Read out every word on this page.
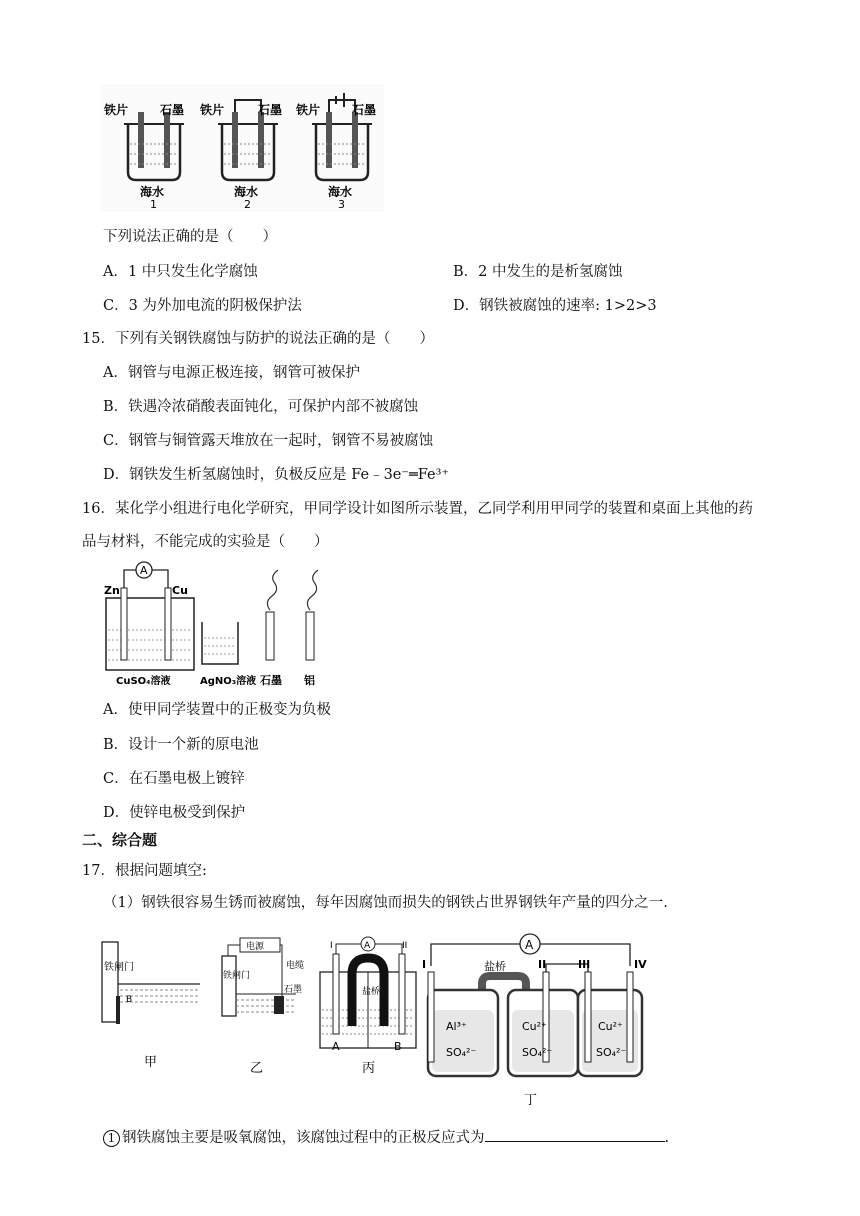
铁片	石墨
海水
1
铁片	石墨
海水
2
铁片	石墨
海水
3
下列说法正确的是（　　）
A．1 中只发生化学腐蚀	B．2 中发生的是析氢腐蚀
C．3 为外加电流的阴极保护法	D．钢铁被腐蚀的速率: 1>2>3
15．下列有关钢铁腐蚀与防护的说法正确的是（　　）
A．钢管与电源正极连接，钢管可被保护
B．铁遇冷浓硝酸表面钝化，可保护内部不被腐蚀
C．钢管与铜管露天堆放在一起时，钢管不易被腐蚀
D．钢铁发生析氢腐蚀时，负极反应是 Fe﹣3e⁻═Fe³⁺
16．某化学小组进行电化学研究，甲同学设计如图所示装置，乙同学利用甲同学的装置和桌面上其他的药
品与材料，不能完成的实验是（　　）
A
Zn	Cu
CuSO₄溶液	AgNO₃溶液 石墨 铝
A．使甲同学装置中的正极变为负极
B．设计一个新的原电池
C．在石墨电极上镀锌
D．使锌电极受到保护
二、综合题
17．根据问题填空:
（1）钢铁很容易生锈而被腐蚀，每年因腐蚀而损失的钢铁占世界钢铁年产量的四分之一.
铁闸门
B
甲
电源
铁闸门
电缆
石墨
乙
I	II
A
盐桥
A	B
丙
A
盐桥
I	II	III	IV
Al³⁺
SO₄²⁻
Cu²⁺
SO₄²⁻
Cu²⁺
SO₄²⁻
丁
1 钢铁腐蚀主要是吸氧腐蚀，该腐蚀过程中的正极反应式为	.
